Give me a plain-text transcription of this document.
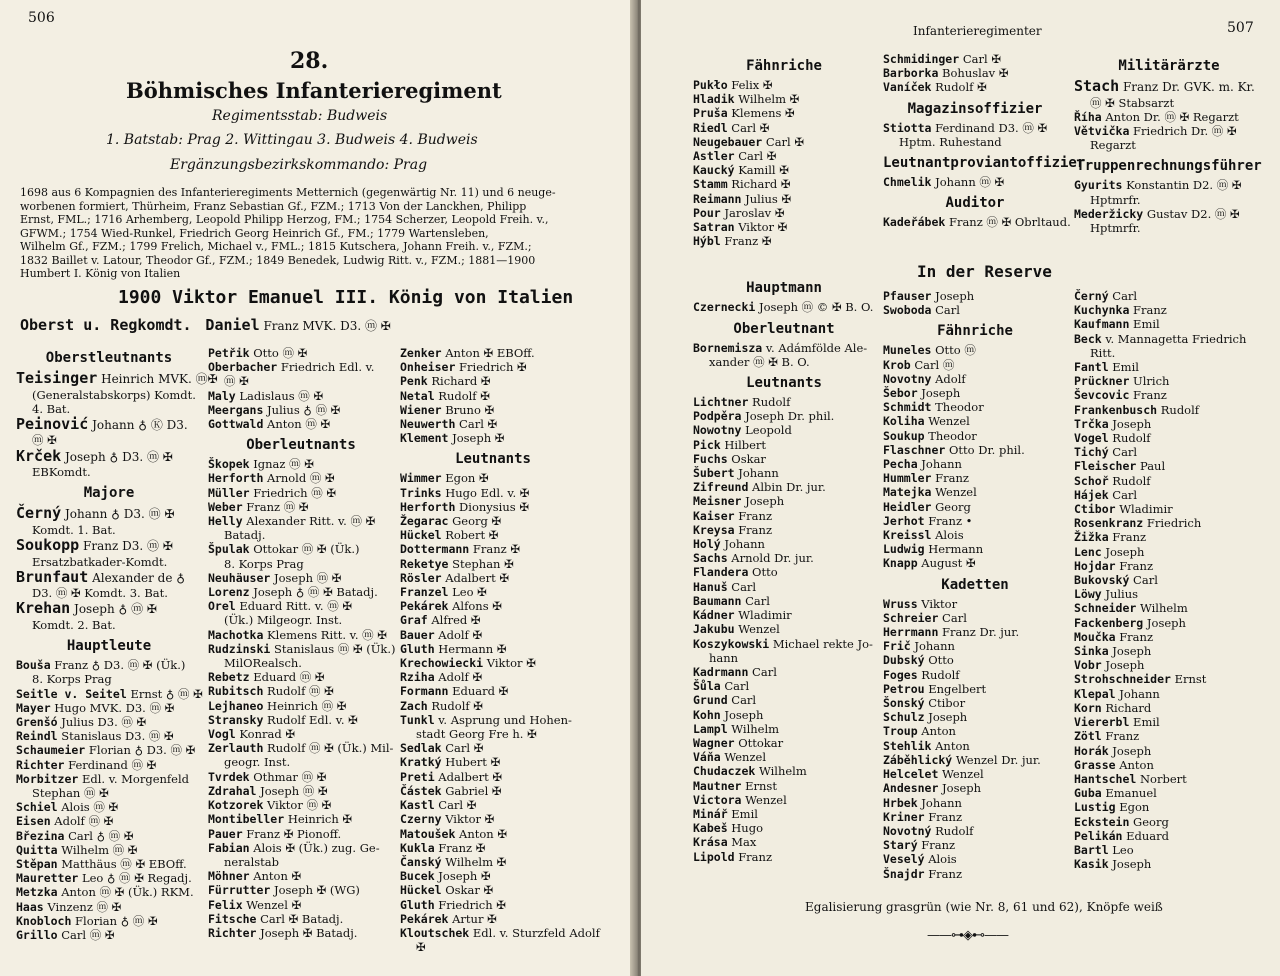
506
28.
Böhmisches Infanterieregiment
Regimentsstab: Budweis
1. Batstab: Prag 2. Wittingau 3. Budweis 4. Budweis
Ergänzungsbezirkskommando: Prag
1698 aus 6 Kompagnien des Infanterieregiments Metternich (gegenwärtig Nr. 11) und 6 neuge-
worbenen formiert, Thürheim, Franz Sebastian Gf., FZM.; 1713 Von der Lanckhen, Philipp
Ernst, FML.; 1716 Arhemberg, Leopold Philipp Herzog, FM.; 1754 Scherzer, Leopold Freih. v.,
GFWM.; 1754 Wied-Runkel, Friedrich Georg Heinrich Gf., FM.; 1779 Wartensleben,
Wilhelm Gf., FZM.; 1799 Frelich, Michael v., FML.; 1815 Kutschera, Johann Freih. v., FZM.;
1832 Baillet v. Latour, Theodor Gf., FZM.; 1849 Benedek, Ludwig Ritt. v., FZM.; 1881—1900
Humbert I. König von Italien
1900 Viktor Emanuel III. König von Italien
Oberst u. Regkomdt. Daniel Franz MVK. D3. ⓜ ✠
Oberstleutnants
Teisinger Heinrich MVK. ⓜ✠
(Generalstabskorps) Komdt.
4. Bat.
Peinović Johann ♁ Ⓚ D3.
ⓜ ✠
Krček Joseph ♁ D3. ⓜ ✠
EBKomdt.
Majore
Černý Johann ♁ D3. ⓜ ✠
Komdt. 1. Bat.
Soukopp Franz D3. ⓜ ✠
Ersatzbatkader-Komdt.
Brunfaut Alexander de ♁
D3. ⓜ ✠ Komdt. 3. Bat.
Krehan Joseph ♁ ⓜ ✠
Komdt. 2. Bat.
Hauptleute
Bouša Franz ♁ D3. ⓜ ✠ (Ük.)
8. Korps Prag
Seitle v. Seitel Ernst ♁ ⓜ ✠
Mayer Hugo MVK. D3. ⓜ ✠
Grenšó Julius D3. ⓜ ✠
Reindl Stanislaus D3. ⓜ ✠
Schaumeier Florian ♁ D3. ⓜ ✠
Richter Ferdinand ⓜ ✠
Morbitzer Edl. v. Morgenfeld
Stephan ⓜ ✠
Schiel Alois ⓜ ✠
Eisen Adolf ⓜ ✠
Březina Carl ♁ ⓜ ✠
Quitta Wilhelm ⓜ ✠
Stěpan Matthäus ⓜ ✠ EBOff.
Mauretter Leo ♁ ⓜ ✠ Regadj.
Metzka Anton ⓜ ✠ (Ük.) RKM.
Haas Vinzenz ⓜ ✠
Knobloch Florian ♁ ⓜ ✠
Grillo Carl ⓜ ✠
Petřik Otto ⓜ ✠
Oberbacher Friedrich Edl. v.
ⓜ ✠
Maly Ladislaus ⓜ ✠
Meergans Julius ♁ ⓜ ✠
Gottwald Anton ⓜ ✠
Oberleutnants
Škopek Ignaz ⓜ ✠
Herforth Arnold ⓜ ✠
Müller Friedrich ⓜ ✠
Weber Franz ⓜ ✠
Helly Alexander Ritt. v. ⓜ ✠
Batadj.
Špulak Ottokar ⓜ ✠ (Ük.)
8. Korps Prag
Neuhäuser Joseph ⓜ ✠
Lorenz Joseph ♁ ⓜ ✠ Batadj.
Orel Eduard Ritt. v. ⓜ ✠
(Ük.) Milgeogr. Inst.
Machotka Klemens Ritt. v. ⓜ ✠
Rudzinski Stanislaus ⓜ ✠ (Ük.)
MilORealsch.
Rebetz Eduard ⓜ ✠
Rubitsch Rudolf ⓜ ✠
Lejhaneo Heinrich ⓜ ✠
Stransky Rudolf Edl. v. ✠
Vogl Konrad ✠
Zerlauth Rudolf ⓜ ✠ (Ük.) Mil-
geogr. Inst.
Tvrdek Othmar ⓜ ✠
Zdrahal Joseph ⓜ ✠
Kotzorek Viktor ⓜ ✠
Montibeller Heinrich ✠
Pauer Franz ✠ Pionoff.
Fabian Alois ✠ (Ük.) zug. Ge-
neralstab
Möhner Anton ✠
Fürrutter Joseph ✠ (WG)
Felix Wenzel ✠
Fitsche Carl ✠ Batadj.
Richter Joseph ✠ Batadj.
Zenker Anton ✠ EBOff.
Onheiser Friedrich ✠
Penk Richard ✠
Netal Rudolf ✠
Wiener Bruno ✠
Neuwerth Carl ✠
Klement Joseph ✠
Leutnants
Wimmer Egon ✠
Trinks Hugo Edl. v. ✠
Herforth Dionysius ✠
Žegarac Georg ✠
Hückel Robert ✠
Dottermann Franz ✠
Reketye Stephan ✠
Rösler Adalbert ✠
Franzel Leo ✠
Pekárek Alfons ✠
Graf Alfred ✠
Bauer Adolf ✠
Gluth Hermann ✠
Krechowiecki Viktor ✠
Rziha Adolf ✠
Formann Eduard ✠
Zach Rudolf ✠
Tunkl v. Asprung und Hohen-
stadt Georg Fre h. ✠
Sedlak Carl ✠
Kratký Hubert ✠
Preti Adalbert ✠
Částek Gabriel ✠
Kastl Carl ✠
Czerny Viktor ✠
Matoušek Anton ✠
Kukla Franz ✠
Čanský Wilhelm ✠
Bucek Joseph ✠
Hückel Oskar ✠
Gluth Friedrich ✠
Pekárek Artur ✠
Kloutschek Edl. v. Sturzfeld Adolf
✠
Infanterieregimenter	507
Fähnriche
Pukło Felix ✠
Hladik Wilhelm ✠
Pruša Klemens ✠
Riedl Carl ✠
Neugebauer Carl ✠
Astler Carl ✠
Kaucký Kamill ✠
Stamm Richard ✠
Reimann Julius ✠
Pour Jaroslav ✠
Satran Viktor ✠
Hýbl Franz ✠
Hauptmann
Czernecki Joseph ⓜ © ✠ B. O.
Oberleutnant
Bornemisza v. Adámfölde Ale-
xander ⓜ ✠ B. O.
Leutnants
Lichtner Rudolf
Podpěra Joseph Dr. phil.
Nowotny Leopold
Pick Hilbert
Fuchs Oskar
Šubert Johann
Zifreund Albin Dr. jur.
Meisner Joseph
Kaiser Franz
Kreysa Franz
Holý Johann
Sachs Arnold Dr. jur.
Flandera Otto
Hanuš Carl
Baumann Carl
Kádner Wladimir
Jakubu Wenzel
Koszykowski Michael rekte Jo-
hann
Kadrmann Carl
Šůla Carl
Grund Carl
Kohn Joseph
Lampl Wilhelm
Wagner Ottokar
Váňa Wenzel
Chudaczek Wilhelm
Mautner Ernst
Victora Wenzel
Minář Emil
Kabeš Hugo
Krása Max
Lipold Franz
Schmidinger Carl ✠
Barborka Bohuslav ✠
Vaníček Rudolf ✠
Magazinsoffizier
Stiotta Ferdinand D3. ⓜ ✠
Hptm. Ruhestand
Leutnantproviantoffizier
Chmelik Johann ⓜ ✠
Auditor
Kadeřábek Franz ⓜ ✠ Obrltaud.
In der Reserve
Pfauser Joseph
Swoboda Carl
Fähnriche
Muneles Otto ⓜ
Krob Carl ⓜ
Novotny Adolf
Šebor Joseph
Schmidt Theodor
Koliha Wenzel
Soukup Theodor
Flaschner Otto Dr. phil.
Pecha Johann
Hummler Franz
Matejka Wenzel
Heidler Georg
Jerhot Franz •
Kreissl Alois
Ludwig Hermann
Knapp August ✠
Kadetten
Wruss Viktor
Schreier Carl
Herrmann Franz Dr. jur.
Frič Johann
Dubský Otto
Foges Rudolf
Petrou Engelbert
Šonský Ctibor
Schulz Joseph
Troup Anton
Stehlik Anton
Záběhlický Wenzel Dr. jur.
Helcelet Wenzel
Andesner Joseph
Hrbek Johann
Kriner Franz
Novotný Rudolf
Starý Franz
Veselý Alois
Šnajdr Franz
Militärärzte
Stach Franz Dr. GVK. m. Kr.
ⓜ ✠ Stabsarzt
Říha Anton Dr. ⓜ ✠ Regarzt
Větvička Friedrich Dr. ⓜ ✠
Regarzt
Truppenrechnungsführer
Gyurits Konstantin D2. ⓜ ✠
Hptmrfr.
Mederžicky Gustav D2. ⓜ ✠
Hptmrfr.
Černý Carl
Kuchynka Franz
Kaufmann Emil
Beck v. Mannagetta Friedrich
Ritt.
Fantl Emil
Prückner Ulrich
Ševcovic Franz
Frankenbusch Rudolf
Trčka Joseph
Vogel Rudolf
Tichý Carl
Fleischer Paul
Schoř Rudolf
Hájek Carl
Ctibor Wladimir
Rosenkranz Friedrich
Žižka Franz
Lenc Joseph
Hojdar Franz
Bukovský Carl
Löwy Julius
Schneider Wilhelm
Fackenberg Joseph
Moučka Franz
Sinka Joseph
Vobr Joseph
Strohschneider Ernst
Klepal Johann
Korn Richard
Viererbl Emil
Zötl Franz
Horák Joseph
Grasse Anton
Hantschel Norbert
Guba Emanuel
Lustig Egon
Eckstein Georg
Pelikán Eduard
Bartl Leo
Kasik Joseph
Egalisierung grasgrün (wie Nr. 8, 61 und 62), Knöpfe weiß
——⊶◈⊷——
